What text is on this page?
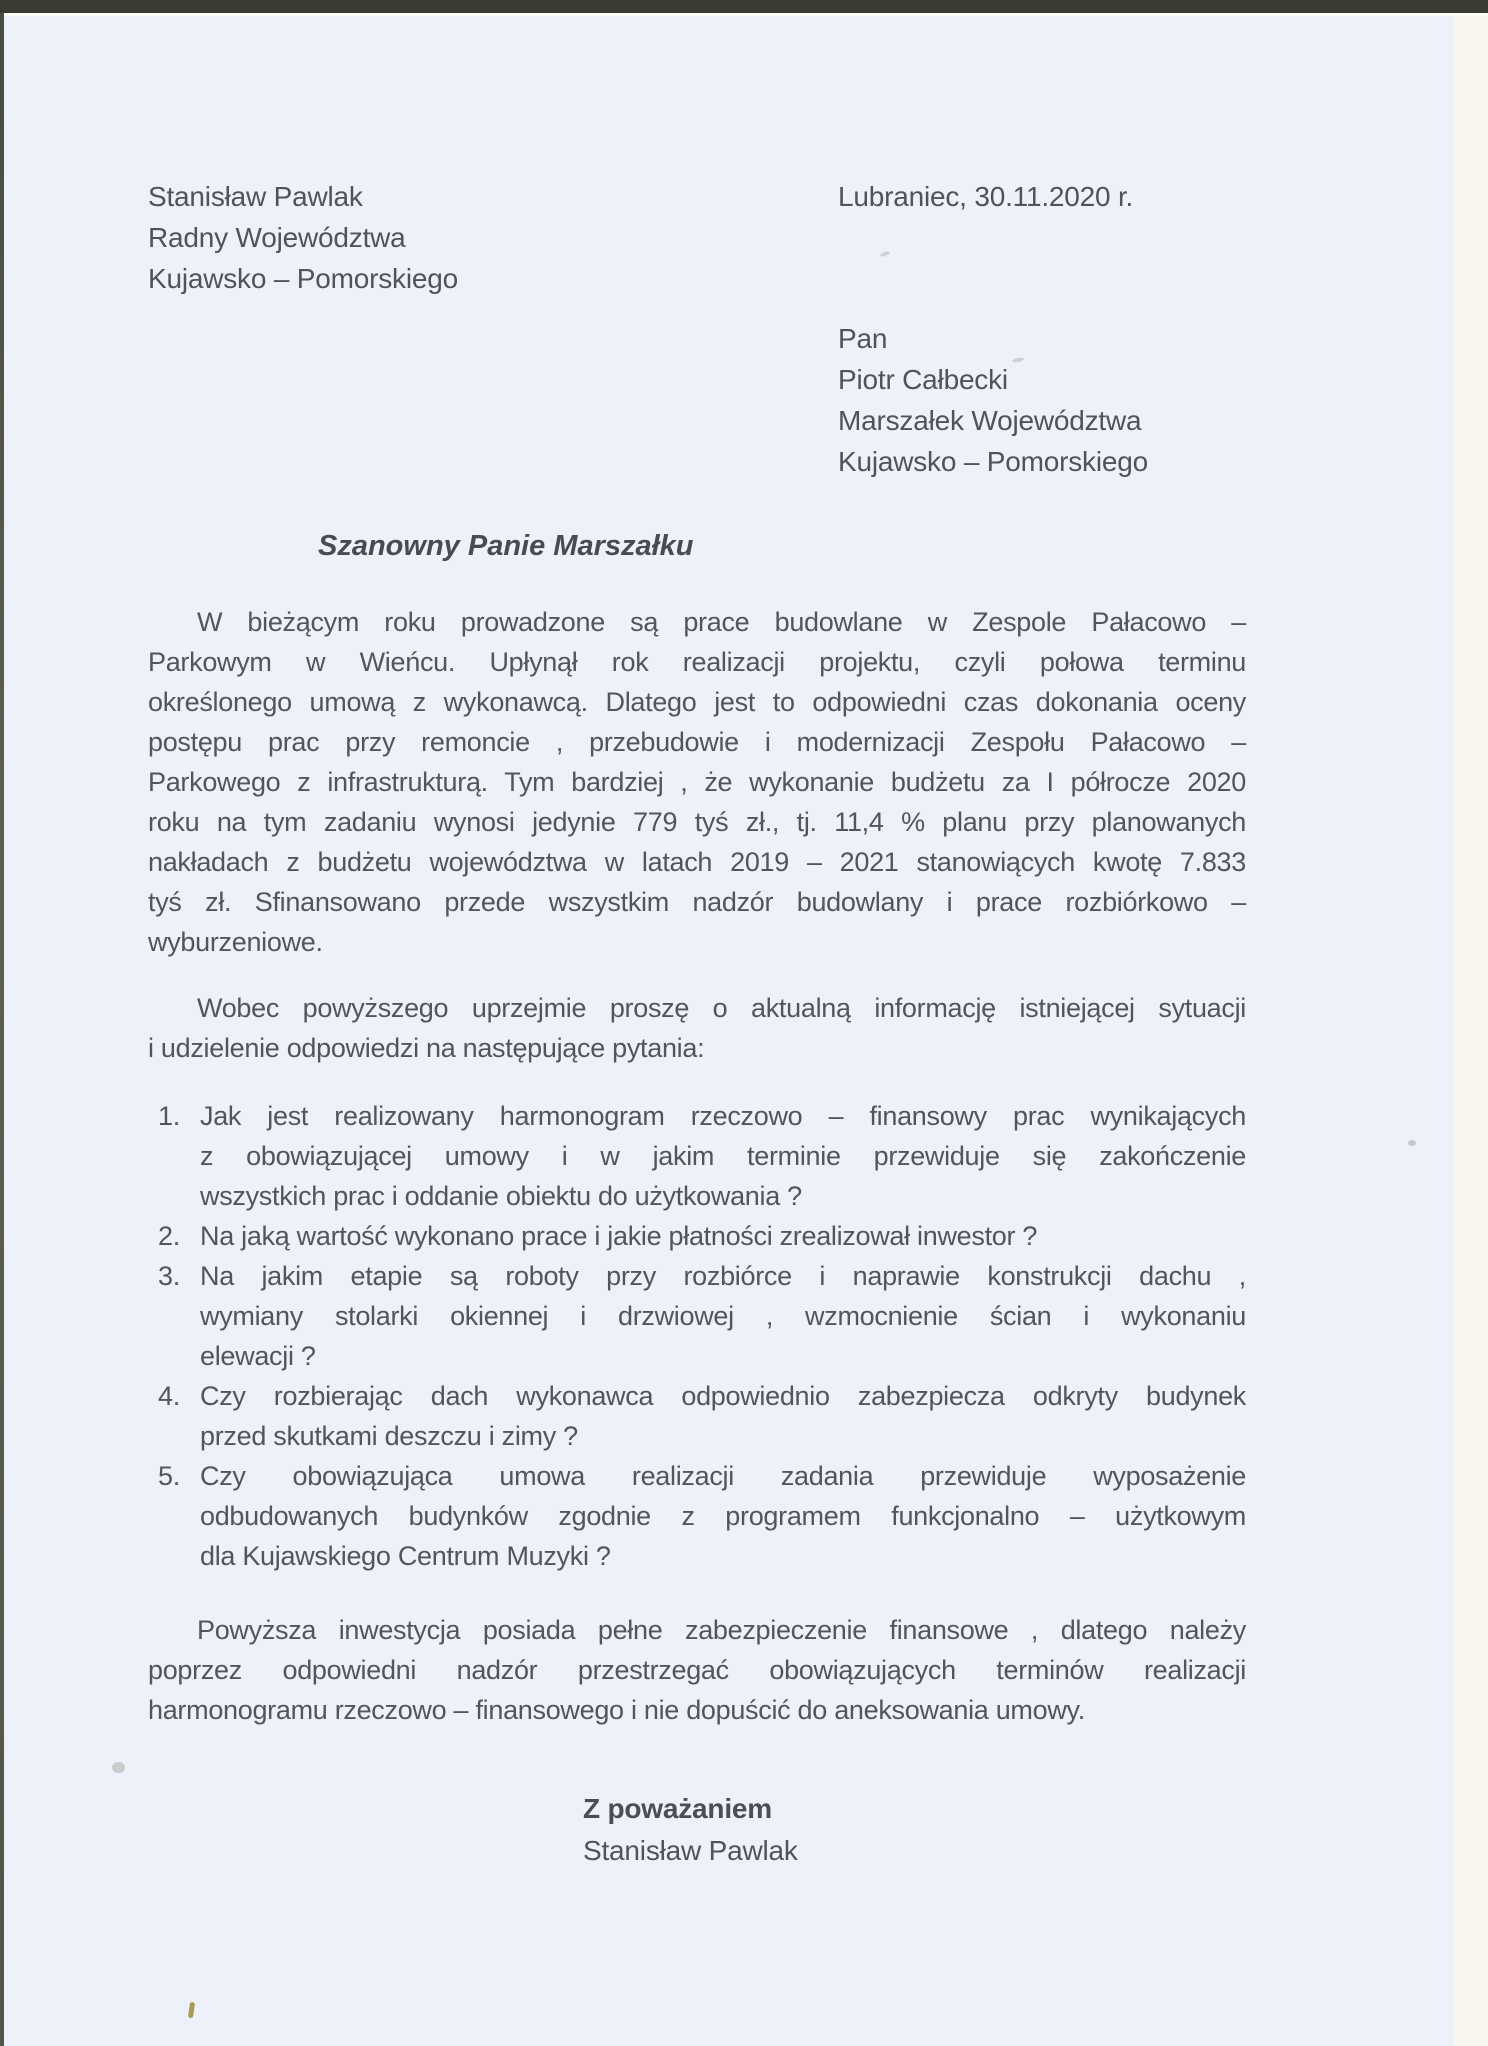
Stanisław Pawlak
Radny Województwa
Kujawsko – Pomorskiego
Lubraniec, 30.11.2020 r.
Pan
Piotr Całbecki
Marszałek Województwa
Kujawsko – Pomorskiego
Szanowny Panie Marszałku
W bieżącym roku prowadzone są prace budowlane w Zespole Pałacowo –
Parkowym w Wieńcu. Upłynął rok realizacji projektu, czyli połowa terminu
określonego umową z wykonawcą. Dlatego jest to odpowiedni czas dokonania oceny
postępu prac przy remoncie , przebudowie i modernizacji Zespołu Pałacowo –
Parkowego z infrastrukturą. Tym bardziej , że wykonanie budżetu za I półrocze 2020
roku na tym zadaniu wynosi jedynie 779 tyś zł., tj. 11,4 % planu przy planowanych
nakładach z budżetu województwa w latach 2019 – 2021 stanowiących kwotę 7.833
tyś zł. Sfinansowano przede wszystkim nadzór budowlany i prace rozbiórkowo –
wyburzeniowe.
Wobec powyższego uprzejmie proszę o aktualną informację istniejącej sytuacji
i udzielenie odpowiedzi na następujące pytania:
1. Jak jest realizowany harmonogram rzeczowo – finansowy prac wynikających
z obowiązującej umowy i w jakim terminie przewiduje się zakończenie
wszystkich prac i oddanie obiektu do użytkowania ?
2. Na jaką wartość wykonano prace i jakie płatności zrealizował inwestor ?
3. Na jakim etapie są roboty przy rozbiórce i naprawie konstrukcji dachu ,
wymiany stolarki okiennej i drzwiowej , wzmocnienie ścian i wykonaniu
elewacji ?
4. Czy rozbierając dach wykonawca odpowiednio zabezpiecza odkryty budynek
przed skutkami deszczu i zimy ?
5. Czy obowiązująca umowa realizacji zadania przewiduje wyposażenie
odbudowanych budynków zgodnie z programem funkcjonalno – użytkowym
dla Kujawskiego Centrum Muzyki ?
Powyższa inwestycja posiada pełne zabezpieczenie finansowe , dlatego należy
poprzez odpowiedni nadzór przestrzegać obowiązujących terminów realizacji
harmonogramu rzeczowo – finansowego i nie dopuścić do aneksowania umowy.
Z poważaniem
Stanisław Pawlak
